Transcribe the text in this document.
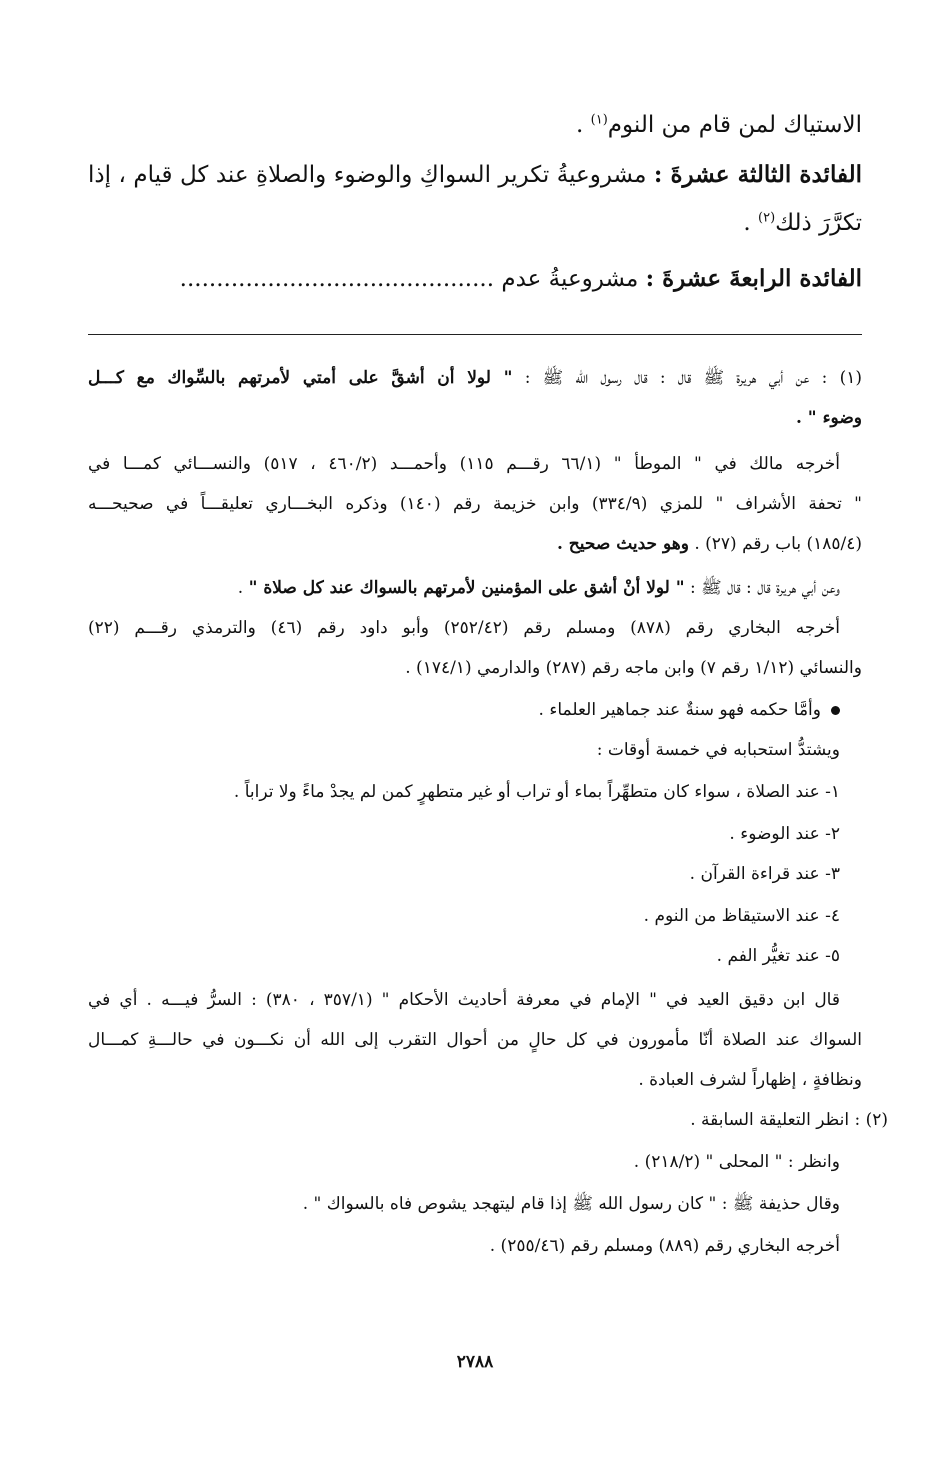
الاستياك لمن قام من النوم$^{(١)}$ .
الفائدة الثالثة عشرةَ : مشروعيةُ تكرير السواكِ والوضوء والصلاةِ عند كل قيام ، إذا
تكرَّرَ ذلك$^{(٢)}$ .
الفائدة الرابعةَ عشرةَ : مشروعيةُ عدم ...........................................
(١) : عن أبي هريرة ﷺ قال : قال رسول الله ﷺ : " لولا أن أشقَّ على أمتي لأمرتهم بالسِّواك مع كـــل
وضوء " .
أخرجه مالك في " الموطأ " (٦٦/١ رقـــم ١١٥) وأحمـــد (٤٦٠/٢ ، ٥١٧) والنســـائي كمـــا في
" تحفة الأشراف " للمزي (٣٣٤/٩) وابن خزيمة رقم (١٤٠) وذكره البخـــاري تعليقـــاً في صحيحـــه
(١٨٥/٤) باب رقم (٢٧) . وهو حديث صحيح .
وعن أبي هريرة قال : قال ﷺ : " لولا أنْ أشق على المؤمنين لأمرتهم بالسواك عند كل صلاة " .
أخرجه البخاري رقم (٨٧٨) ومسلم رقم (٢٥٢/٤٢) وأبو داود رقم (٤٦) والترمذي رقـــم (٢٢)
والنسائي (١/١٢ رقم ٧) وابن ماجه رقم (٢٨٧) والدارمي (١٧٤/١) .
وأمَّا حكمه فهو سنةٌ عند جماهير العلماء .
ويشتدُّ استحبابه في خمسة أوقات :
١- عند الصلاة ، سواء كان متطهِّراً بماء أو تراب أو غير متطهرٍ كمن لم يجدْ ماءً ولا تراباً .
٢- عند الوضوء .
٣- عند قراءة القرآن .
٤- عند الاستيقاظ من النوم .
٥- عند تغيُّر الفم .
قال ابن دقيق العيد في " الإمام في معرفة أحاديث الأحكام " (٣٥٧/١ ، ٣٨٠) : السرُّ فيـــه . أي في
السواك عند الصلاة أنّا مأمورون في كل حالٍ من أحوال التقرب إلى الله أن نكـــون في حالـــةِ كمـــال
ونظافةٍ ، إظهاراً لشرف العبادة .
(٢) : انظر التعليقة السابقة .
وانظر : " المحلى " (٢١٨/٢) .
وقال حذيفة ﷺ : " كان رسول الله ﷺ إذا قام ليتهجد يشوص فاه بالسواك " .
أخرجه البخاري رقم (٨٨٩) ومسلم رقم (٢٥٥/٤٦) .
٢٧٨٨
